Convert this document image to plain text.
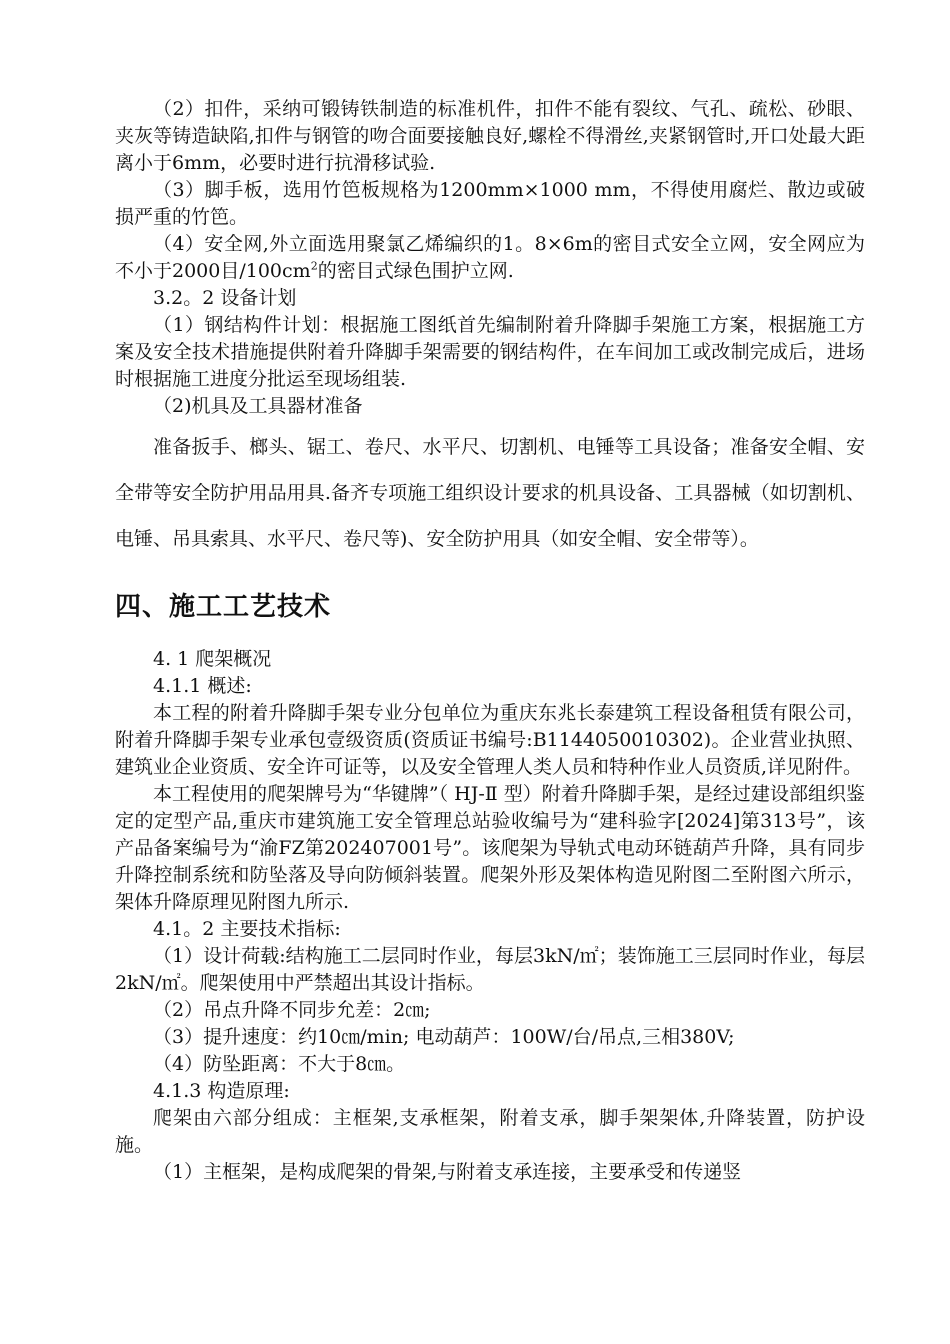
（2）扣件，采纳可锻铸铁制造的标准机件，扣件不能有裂纹、气孔、疏松、砂眼、夹灰等铸造缺陷,扣件与钢管的吻合面要接触良好,螺栓不得滑丝,夹紧钢管时,开口处最大距离小于6mm，必要时进行抗滑移试验.

（3）脚手板，选用竹笆板规格为1200mm×1000 mm，不得使用腐烂、散边或破损严重的竹笆。

（4）安全网,外立面选用聚氯乙烯编织的1。8×6m的密目式安全立网，安全网应为不小于2000目$/100cm^2$的密目式绿色围护立网.

3.2。2 设备计划

（1）钢结构件计划：根据施工图纸首先编制附着升降脚手架施工方案，根据施工方案及安全技术措施提供附着升降脚手架需要的钢结构件，在车间加工或改制完成后，进场时根据施工进度分批运至现场组装.

（2)机具及工具器材准备

准备扳手、榔头、锯工、卷尺、水平尺、切割机、电锤等工具设备；准备安全帽、安全带等安全防护用品用具.备齐专项施工组织设计要求的机具设备、工具器械（如切割机、电锤、吊具索具、水平尺、卷尺等)、安全防护用具（如安全帽、安全带等）。

四、施工工艺技术

4. 1 爬架概况

4.1.1 概述:

本工程的附着升降脚手架专业分包单位为重庆东兆长泰建筑工程设备租赁有限公司，附着升降脚手架专业承包壹级资质(资质证书编号:B1144050010302)。企业营业执照、建筑业企业资质、安全许可证等，以及安全管理人类人员和特种作业人员资质,详见附件。

本工程使用的爬架牌号为“华键牌”（ HJ-Ⅱ 型）附着升降脚手架，是经过建设部组织鉴定的定型产品,重庆市建筑施工安全管理总站验收编号为“建科验字[2024]第313号”，该产品备案编号为“渝FZ第202407001号”。该爬架为导轨式电动环链葫芦升降，具有同步升降控制系统和防坠落及导向防倾斜装置。爬架外形及架体构造见附图二至附图六所示，架体升降原理见附图九所示.

4.1。2 主要技术指标:

（1）设计荷载:结构施工二层同时作业，每层3kN/㎡；装饰施工三层同时作业，每层2kN/㎡。爬架使用中严禁超出其设计指标。

（2）吊点升降不同步允差：2㎝;

（3）提升速度：约10㎝/min; 电动葫芦：100W/台/吊点,三相380V;

（4）防坠距离：不大于8㎝。

4.1.3 构造原理:

爬架由六部分组成：主框架,支承框架，附着支承，脚手架架体,升降装置，防护设施。

（1）主框架，是构成爬架的骨架,与附着支承连接，主要承受和传递竖
